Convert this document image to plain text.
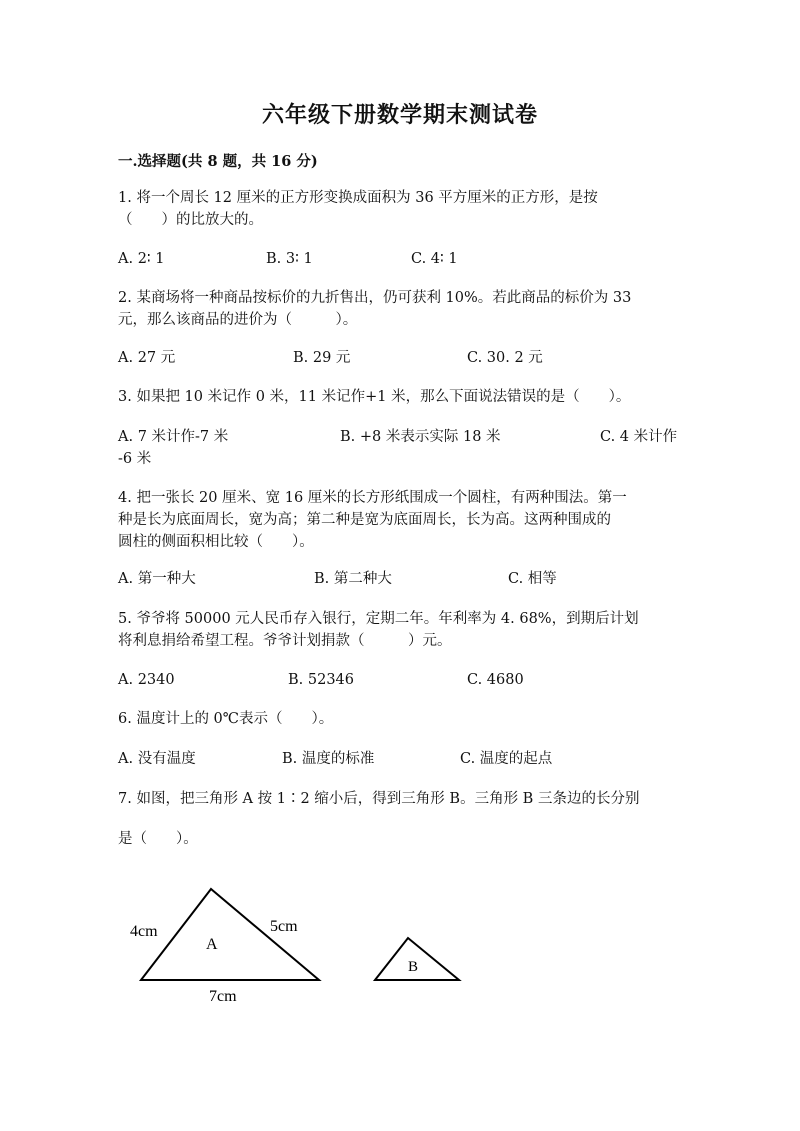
六年级下册数学期末测试卷
一.选择题(共 8 题，共 16 分)
1. 将一个周长 12 厘米的正方形变换成面积为 36 平方厘米的正方形，是按
（　　）的比放大的。
A. 2∶ 1	B. 3∶ 1	C. 4∶ 1
2. 某商场将一种商品按标价的九折售出，仍可获利 10%。若此商品的标价为 33
元，那么该商品的进价为（　　　）。
A. 27 元	B. 29 元	C. 30. 2 元
3. 如果把 10 米记作 0 米，11 米记作+1 米，那么下面说法错误的是（　　）。
A. 7 米计作-7 米	B. +8 米表示实际 18 米	C. 4 米计作
-6 米
4. 把一张长 20 厘米、宽 16 厘米的长方形纸围成一个圆柱，有两种围法。第一
种是长为底面周长，宽为高；第二种是宽为底面周长，长为高。这两种围成的
圆柱的侧面积相比较（　　）。
A. 第一种大	B. 第二种大	C. 相等
5. 爷爷将 50000 元人民币存入银行，定期二年。年利率为 4. 68%，到期后计划
将利息捐给希望工程。爷爷计划捐款（　　　）元。
A. 2340	B. 52346	C. 4680
6. 温度计上的 0℃表示（　　）。
A. 没有温度	B. 温度的标准	C. 温度的起点
7. 如图，把三角形 A 按 1∶2 缩小后，得到三角形 B。三角形 B 三条边的长分别
是（　　）。
A
B
4cm	5cm
7cm
